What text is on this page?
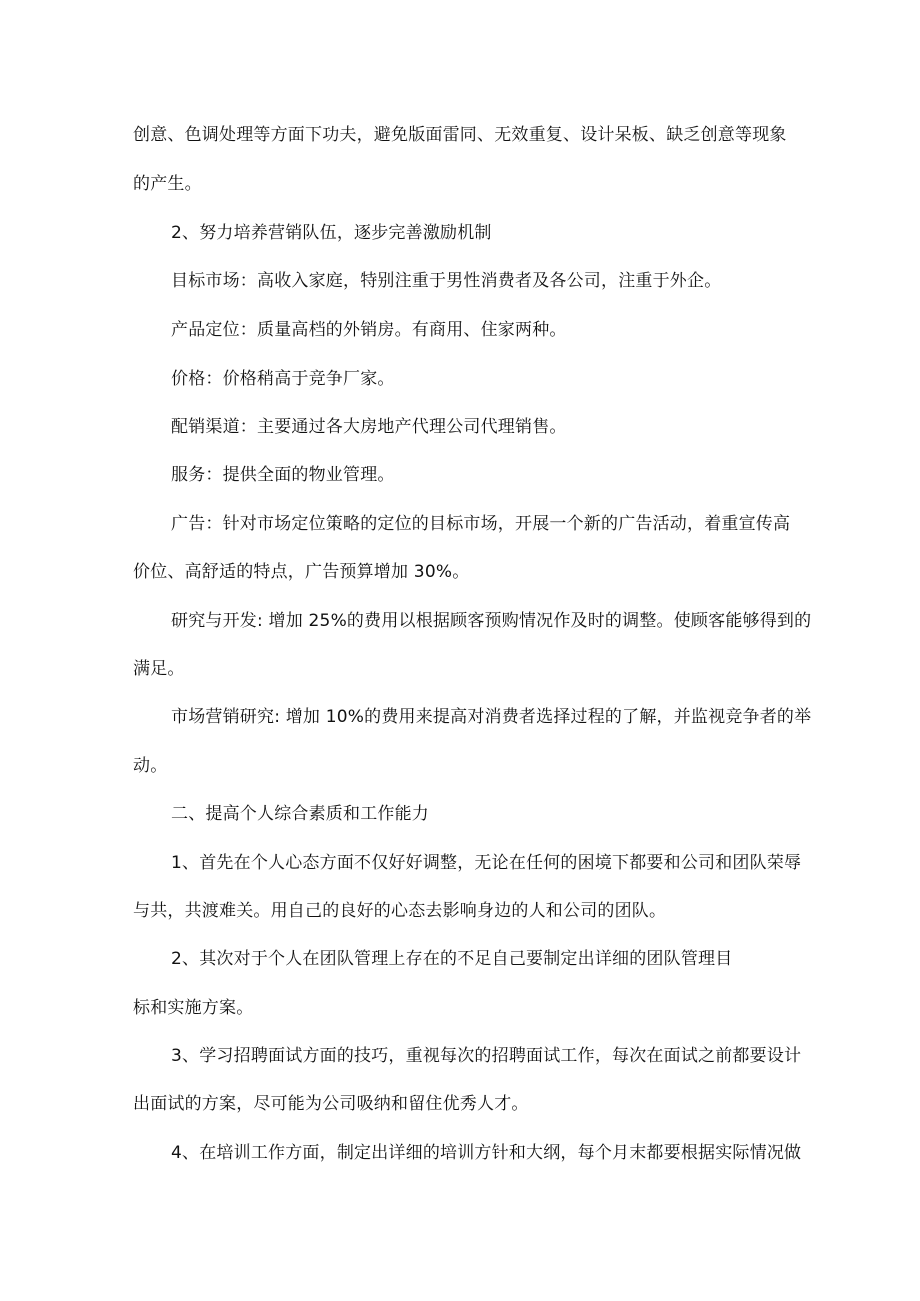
创意、色调处理等方面下功夫，避免版面雷同、无效重复、设计呆板、缺乏创意等现象
的产生。
2、努力培养营销队伍，逐步完善激励机制
目标市场：高收入家庭，特别注重于男性消费者及各公司，注重于外企。
产品定位：质量高档的外销房。有商用、住家两种。
价格：价格稍高于竞争厂家。
配销渠道：主要通过各大房地产代理公司代理销售。
服务：提供全面的物业管理。
广告：针对市场定位策略的定位的目标市场，开展一个新的广告活动，着重宣传高
价位、高舒适的特点，广告预算增加 30%。
研究与开发: 增加 25%的费用以根据顾客预购情况作及时的调整。使顾客能够得到的
满足。
市场营销研究: 增加 10%的费用来提高对消费者选择过程的了解，并监视竞争者的举
动。
二、提高个人综合素质和工作能力
1、首先在个人心态方面不仅好好调整，无论在任何的困境下都要和公司和团队荣辱
与共，共渡难关。用自己的良好的心态去影响身边的人和公司的团队。
2、其次对于个人在团队管理上存在的不足自己要制定出详细的团队管理目
标和实施方案。
3、学习招聘面试方面的技巧，重视每次的招聘面试工作，每次在面试之前都要设计
出面试的方案，尽可能为公司吸纳和留住优秀人才。
4、在培训工作方面，制定出详细的培训方针和大纲，每个月末都要根据实际情况做
